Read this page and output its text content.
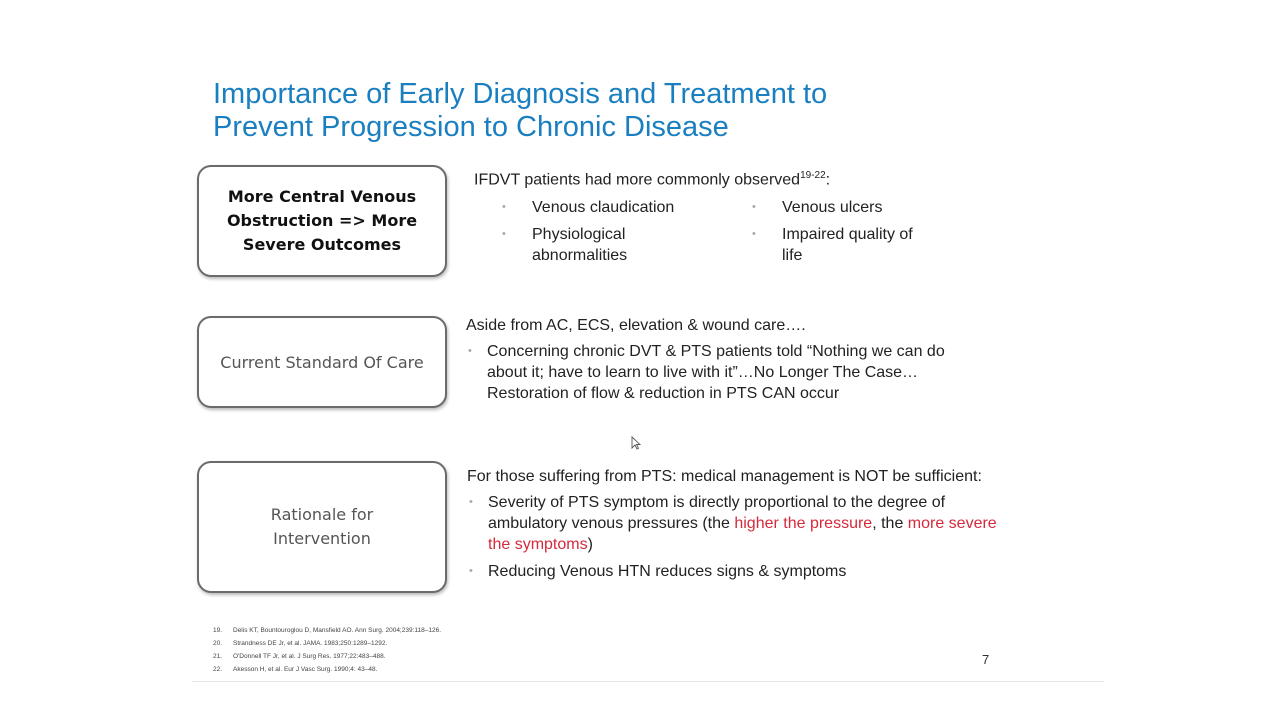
Importance of Early Diagnosis and Treatment to
Prevent Progression to Chronic Disease
More Central Venous
Obstruction => More
Severe Outcomes

IFDVT patients had more commonly observed$^{19-22}$:

• Venous claudication
•	Venous ulcers
• Physiological
abnormalities
• Impaired quality of
life
Current Standard Of Care

Aside from AC, ECS, elevation & wound care….

• Concerning chronic DVT & PTS patients told “Nothing we can do about it; have to learn to live with it”…No Longer The Case…Restoration of flow & reduction in PTS CAN occur
Rationale for
Intervention

For those suffering from PTS: medical management is NOT be sufficient:

• Severity of PTS symptom is directly proportional to the degree of ambulatory venous pressures (the higher the pressure, the more severe the symptoms)
• Reducing Venous HTN reduces signs & symptoms
19. Delis KT, Bountouroglou D, Mansfield AO. Ann Surg. 2004;239:118–126.
20. Strandness DE Jr, et al. JAMA. 1983;250:1289–1292.
21. O'Donnell TF Jr, et al. J Surg Res. 1977;22:483–488.
22. Akesson H, et al. Eur J Vasc Surg. 1990;4: 43–48.
7
